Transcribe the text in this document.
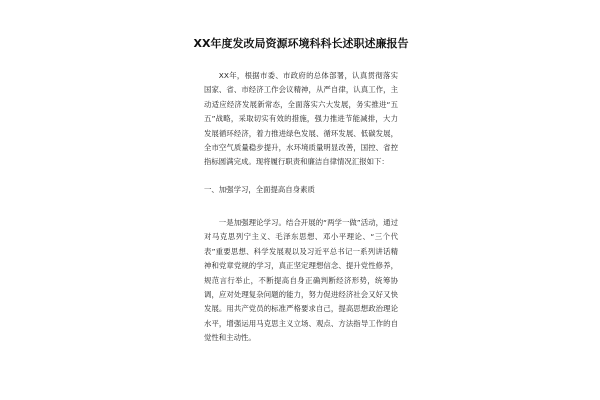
XX年度发改局资源环境科科长述职述廉报告

XX年，根据市委、市政府的总体部署，认真贯彻落实国家、省、市经济工作会议精神，从严自律，认真工作，主动适应经济发展新常态，全面落实六大发展，务实推进“五五”战略，采取切实有效的措施，强力推进节能减排，大力发展循环经济，着力推进绿色发展、循环发展、低碳发展，全市空气质量稳步提升，水环境质量明显改善，国控、省控指标圆满完成。现将履行职责和廉洁自律情况汇报如下：

一、加强学习，全面提高自身素质

一是加强理论学习。结合开展的“两学一做”活动，通过对马克思列宁主义、毛泽东思想、邓小平理论、“三个代表”重要思想、科学发展观以及习近平总书记一系列讲话精神和党章党规的学习，真正坚定理想信念、提升党性修养，规范言行举止，不断提高自身正确判断经济形势，统筹协调，应对处理复杂问题的能力，努力促进经济社会又好又快发展。用共产党员的标准严格要求自己，提高思想政治理论水平，增强运用马克思主义立场、观点、方法指导工作的自觉性和主动性。
